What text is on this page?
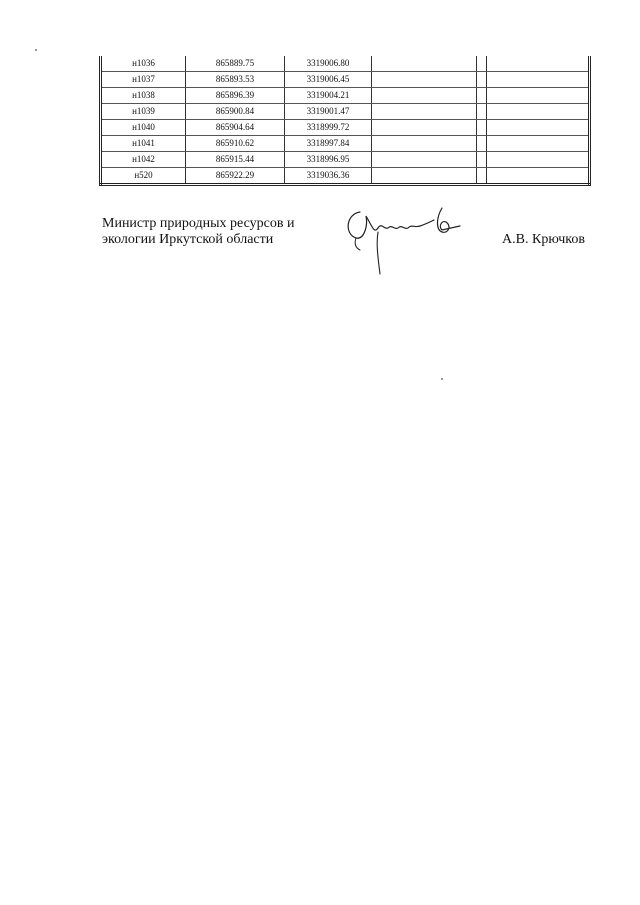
н1036	865889.75	3319006.80			
н1037	865893.53	3319006.45			
н1038	865896.39	3319004.21			
н1039	865900.84	3319001.47			
н1040	865904.64	3318999.72			
н1041	865910.62	3318997.84			
н1042	865915.44	3318996.95			
н520	865922.29	3319036.36			
Министр природных ресурсов и
экологии Иркутской области	А.В. Крючков
